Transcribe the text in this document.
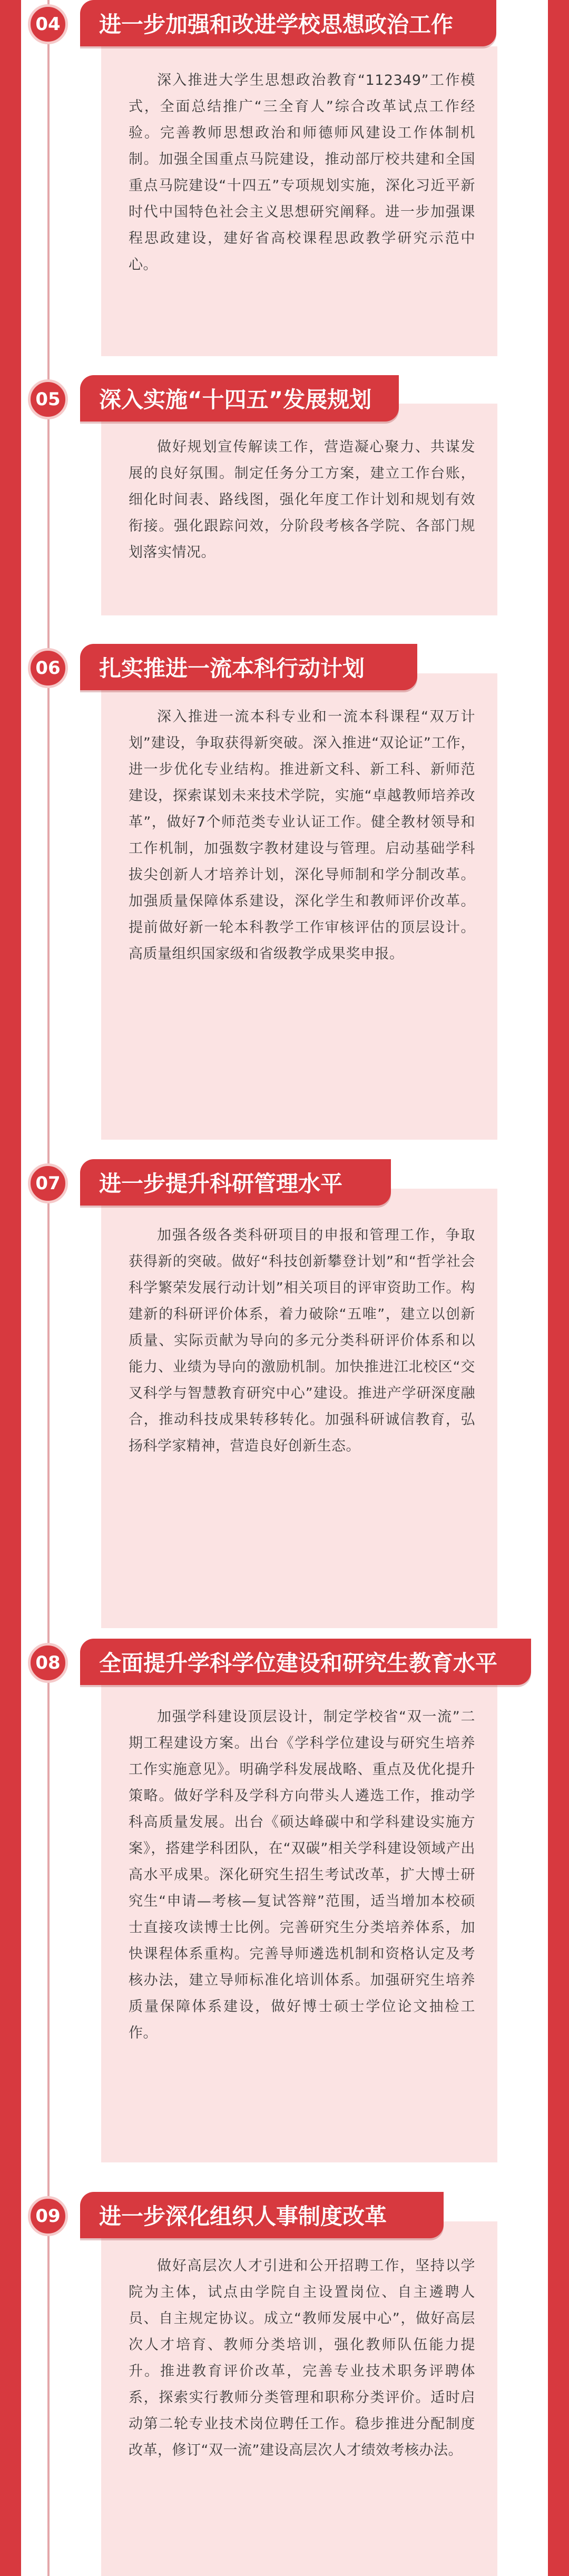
04	进一步加强和改进学校思想政治工作

深入推进大学生思想政治教育“112349”工作模式，全面总结推广“三全育人”综合改革试点工作经验。完善教师思想政治和师德师风建设工作体制机制。加强全国重点马院建设，推动部厅校共建和全国重点马院建设“十四五”专项规划实施，深化习近平新时代中国特色社会主义思想研究阐释。进一步加强课程思政建设，建好省高校课程思政教学研究示范中心。

05	深入实施“十四五”发展规划

做好规划宣传解读工作，营造凝心聚力、共谋发展的良好氛围。制定任务分工方案，建立工作台账，细化时间表、路线图，强化年度工作计划和规划有效衔接。强化跟踪问效，分阶段考核各学院、各部门规划落实情况。

06	扎实推进一流本科行动计划

深入推进一流本科专业和一流本科课程“双万计划”建设，争取获得新突破。深入推进“双论证”工作，进一步优化专业结构。推进新文科、新工科、新师范建设，探索谋划未来技术学院，实施“卓越教师培养改革”，做好7个师范类专业认证工作。健全教材领导和工作机制，加强数字教材建设与管理。启动基础学科拔尖创新人才培养计划，深化导师制和学分制改革。加强质量保障体系建设，深化学生和教师评价改革。提前做好新一轮本科教学工作审核评估的顶层设计。高质量组织国家级和省级教学成果奖申报。

07	进一步提升科研管理水平

加强各级各类科研项目的申报和管理工作，争取获得新的突破。做好“科技创新攀登计划”和“哲学社会科学繁荣发展行动计划”相关项目的评审资助工作。构建新的科研评价体系，着力破除“五唯”，建立以创新质量、实际贡献为导向的多元分类科研评价体系和以能力、业绩为导向的激励机制。加快推进江北校区“交叉科学与智慧教育研究中心”建设。推进产学研深度融合，推动科技成果转移转化。加强科研诚信教育，弘扬科学家精神，营造良好创新生态。

08	全面提升学科学位建设和研究生教育水平

加强学科建设顶层设计，制定学校省“双一流”二期工程建设方案。出台《学科学位建设与研究生培养工作实施意见》。明确学科发展战略、重点及优化提升策略。做好学科及学科方向带头人遴选工作，推动学科高质量发展。出台《硕达峰碳中和学科建设实施方案》，搭建学科团队，在“双碳”相关学科建设领域产出高水平成果。深化研究生招生考试改革，扩大博士研究生“申请—考核—复试答辩”范围，适当增加本校硕士直接攻读博士比例。完善研究生分类培养体系，加快课程体系重构。完善导师遴选机制和资格认定及考核办法，建立导师标准化培训体系。加强研究生培养质量保障体系建设，做好博士硕士学位论文抽检工作。

09	进一步深化组织人事制度改革

做好高层次人才引进和公开招聘工作，坚持以学院为主体，试点由学院自主设置岗位、自主遴聘人员、自主规定协议。成立“教师发展中心”，做好高层次人才培育、教师分类培训，强化教师队伍能力提升。推进教育评价改革，完善专业技术职务评聘体系，探索实行教师分类管理和职称分类评价。适时启动第二轮专业技术岗位聘任工作。稳步推进分配制度改革，修订“双一流”建设高层次人才绩效考核办法。
